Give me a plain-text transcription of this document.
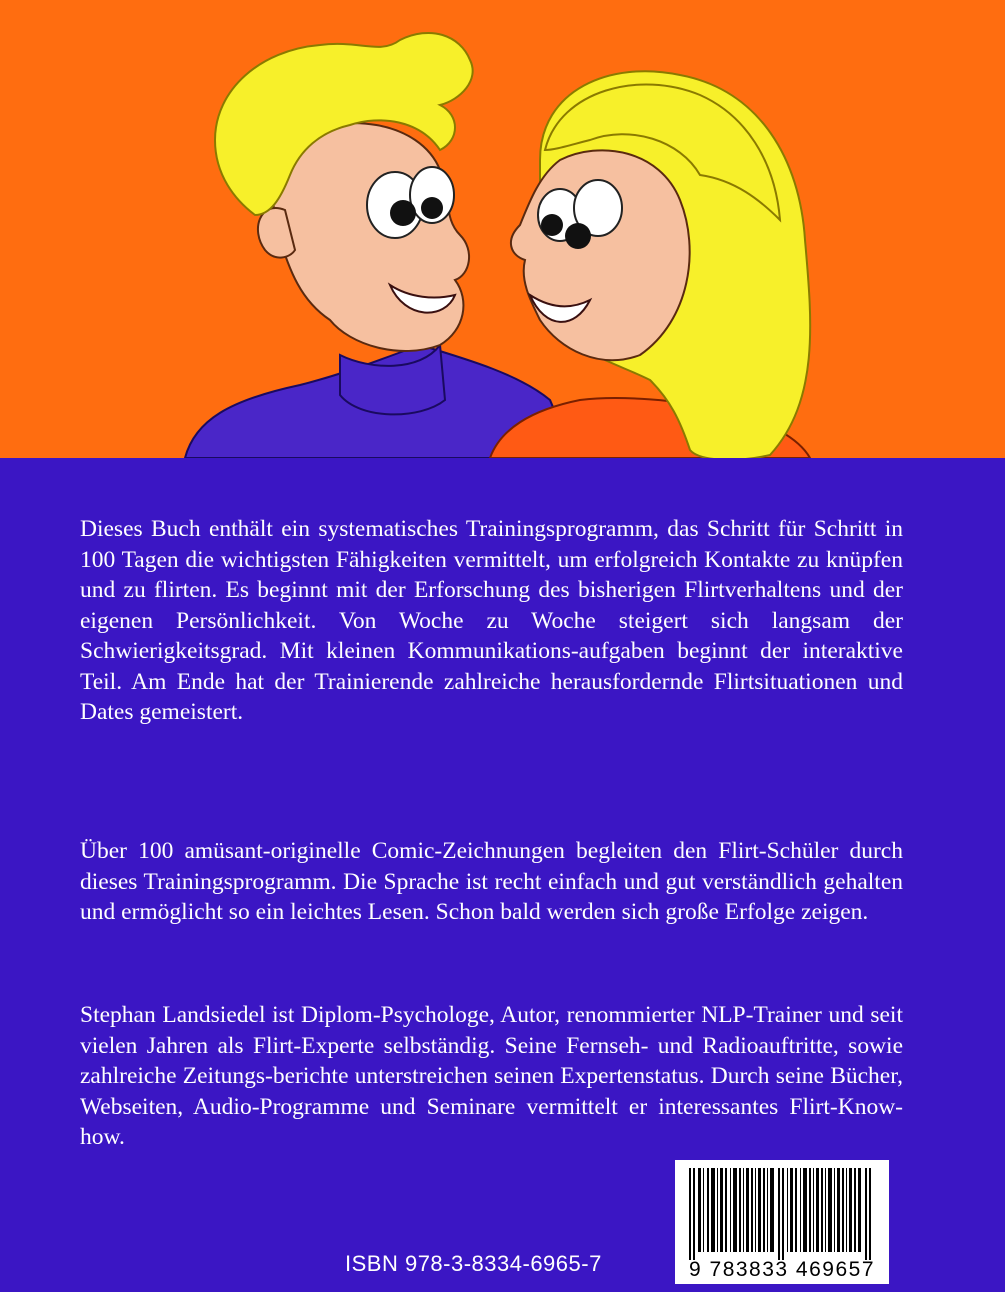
Dieses Buch enthält ein systematisches Trainingsprogramm, das Schritt für Schritt in 100 Tagen die wichtigsten Fähigkeiten vermittelt, um erfolgreich Kontakte zu knüpfen und zu flirten. Es beginnt mit der Erforschung des bisherigen Flirtverhaltens und der eigenen Persönlichkeit. Von Woche zu Woche steigert sich langsam der Schwierigkeitsgrad. Mit kleinen Kommunikations-aufgaben beginnt der interaktive Teil. Am Ende hat der Trainierende zahlreiche herausfordernde Flirtsituationen und Dates gemeistert.

Über 100 amüsant-originelle Comic-Zeichnungen begleiten den Flirt-Schüler durch dieses Trainingsprogramm. Die Sprache ist recht einfach und gut verständlich gehalten und ermöglicht so ein leichtes Lesen. Schon bald werden sich große Erfolge zeigen.

Stephan Landsiedel ist Diplom-Psychologe, Autor, renommierter NLP-Trainer und seit vielen Jahren als Flirt-Experte selbständig. Seine Fernseh- und Radioauftritte, sowie zahlreiche Zeitungs-berichte unterstreichen seinen Expertenstatus. Durch seine Bücher, Webseiten, Audio-Programme und Seminare vermittelt er interessantes Flirt-Know-how.

ISBN 978-3-8334-6965-7	9 783833 469657
